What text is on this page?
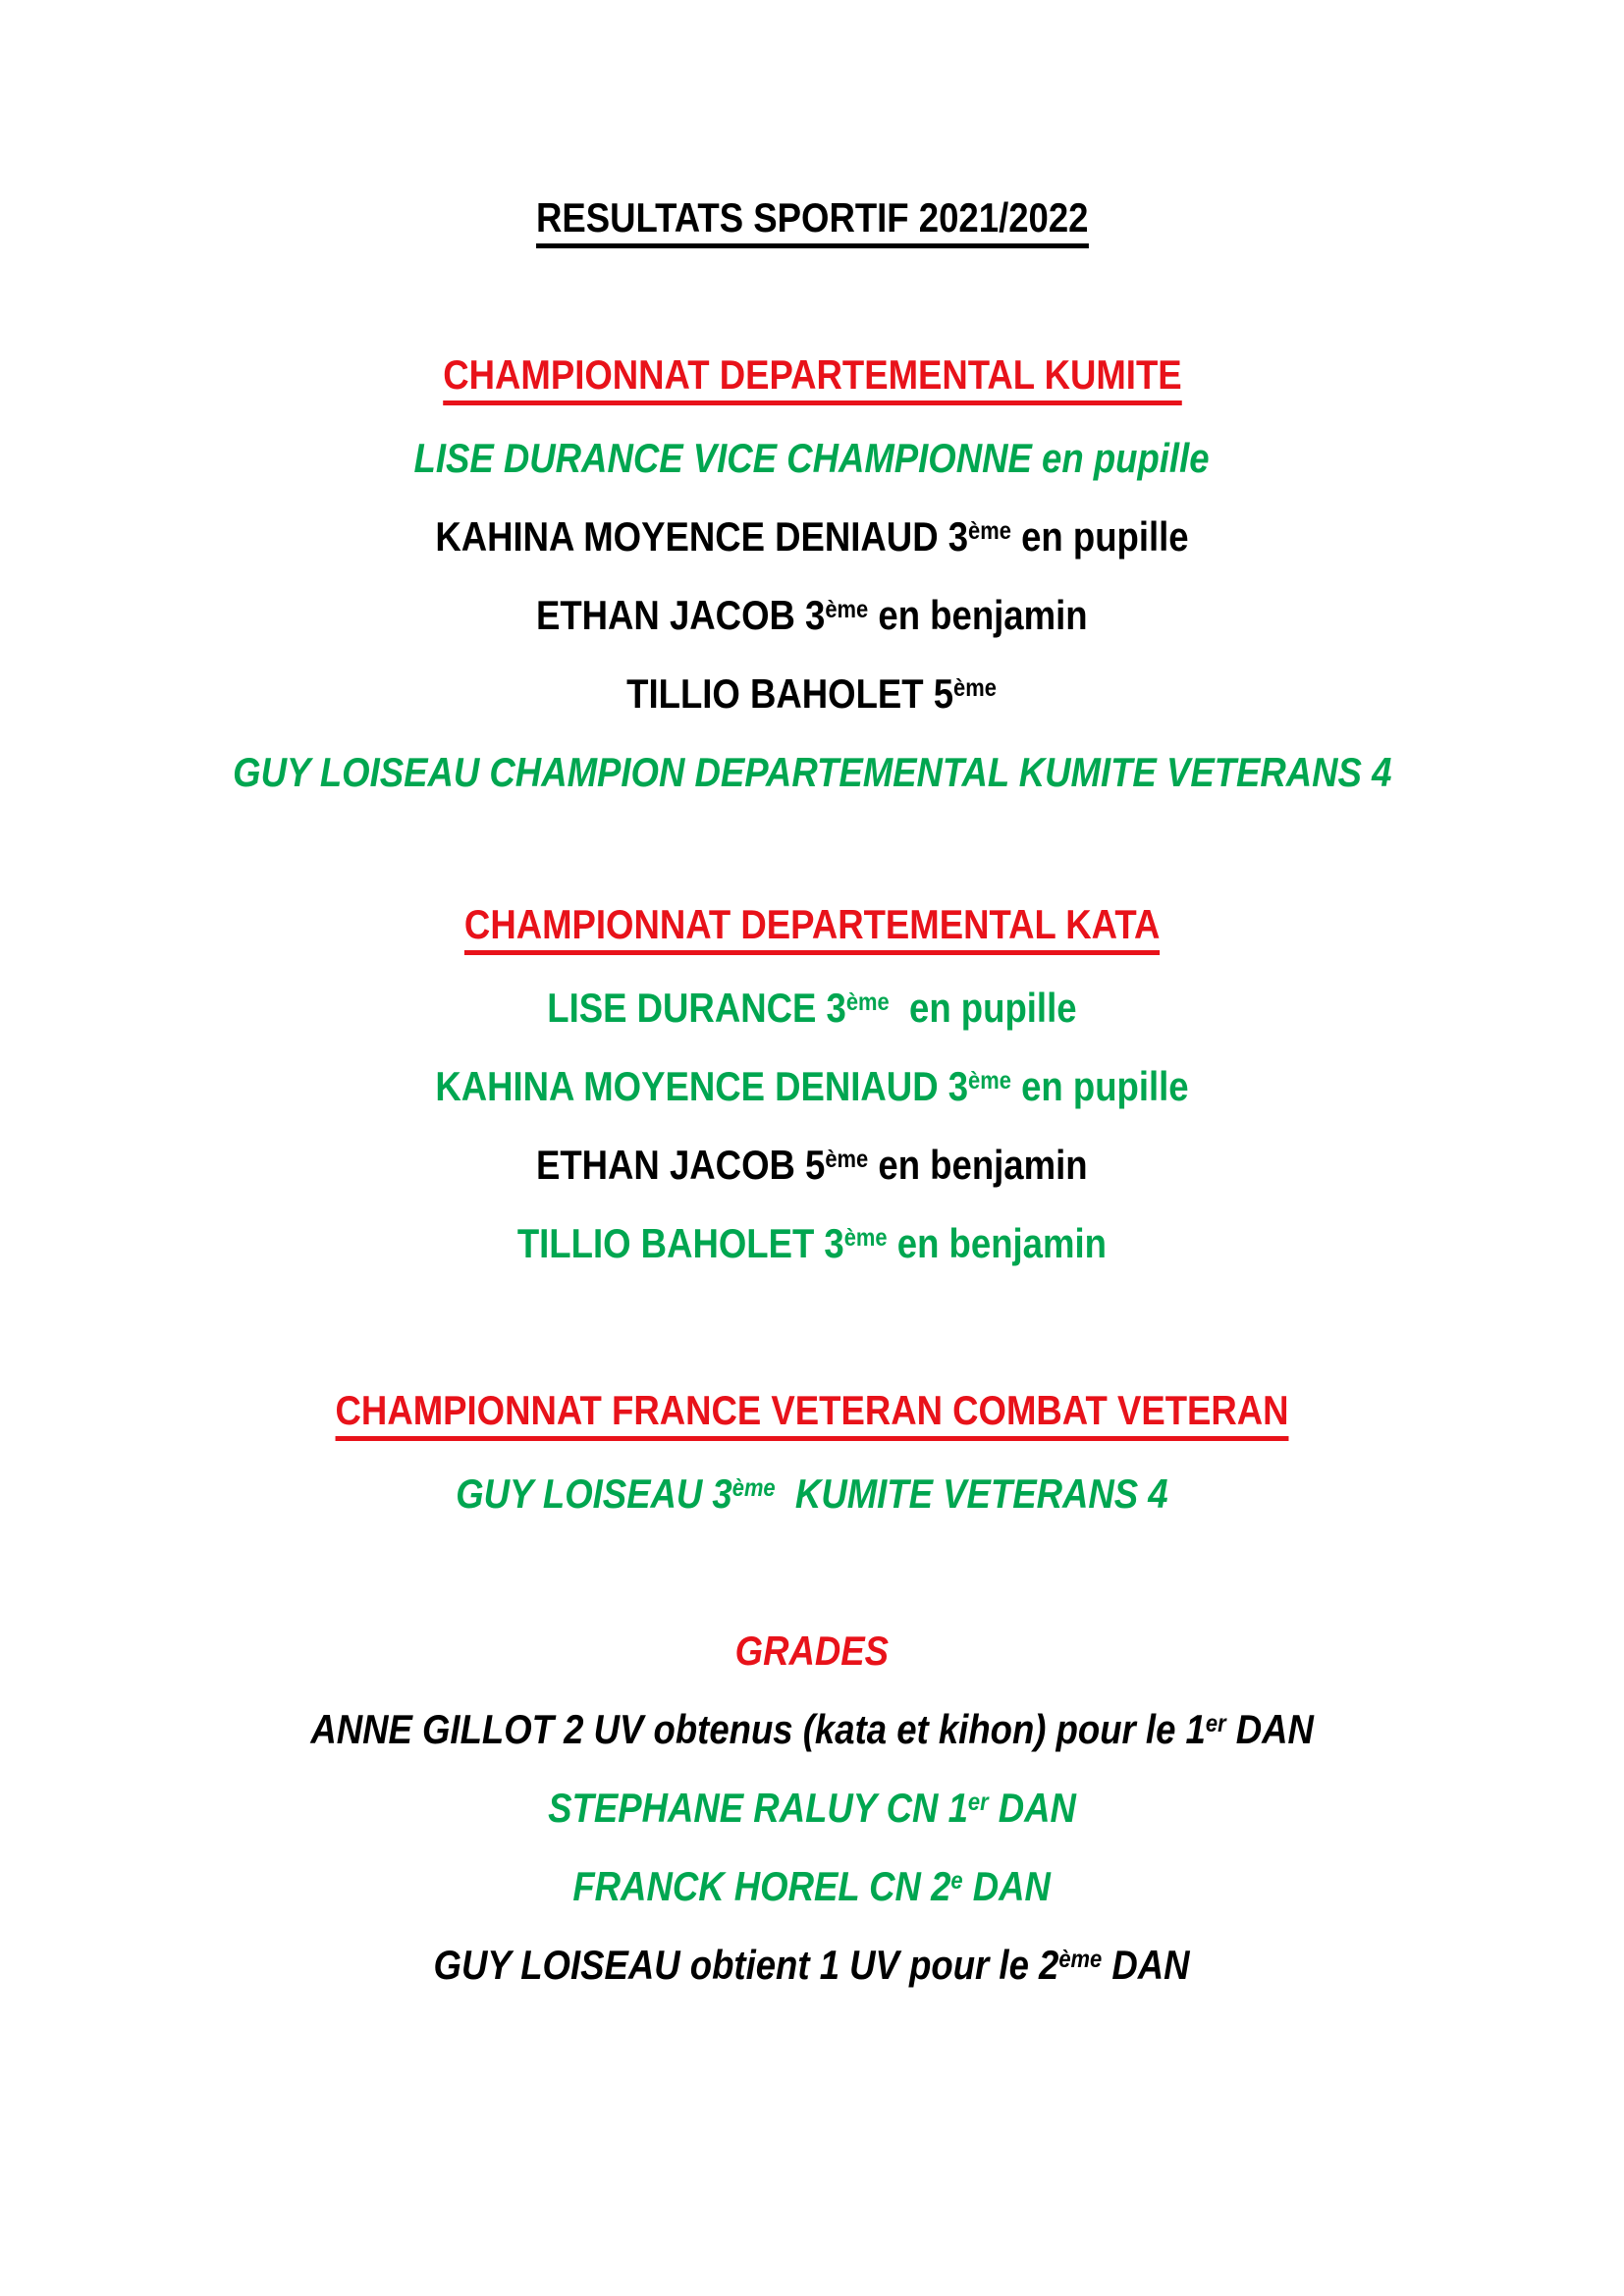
RESULTATS SPORTIF 2021/2022
CHAMPIONNAT DEPARTEMENTAL KUMITE
LISE DURANCE VICE CHAMPIONNE en pupille
KAHINA MOYENCE DENIAUD 3ème en pupille
ETHAN JACOB 3ème en benjamin
TILLIO BAHOLET 5ème
GUY LOISEAU CHAMPION DEPARTEMENTAL KUMITE VETERANS 4
CHAMPIONNAT DEPARTEMENTAL KATA
LISE DURANCE 3ème  en pupille
KAHINA MOYENCE DENIAUD 3ème en pupille
ETHAN JACOB 5ème en benjamin
TILLIO BAHOLET 3ème en benjamin
CHAMPIONNAT FRANCE VETERAN COMBAT VETERAN
GUY LOISEAU 3ème  KUMITE VETERANS 4
GRADES
ANNE GILLOT 2 UV obtenus (kata et kihon) pour le 1er DAN
STEPHANE RALUY CN 1er DAN
FRANCK HOREL CN 2e DAN
GUY LOISEAU obtient 1 UV pour le 2ème DAN
